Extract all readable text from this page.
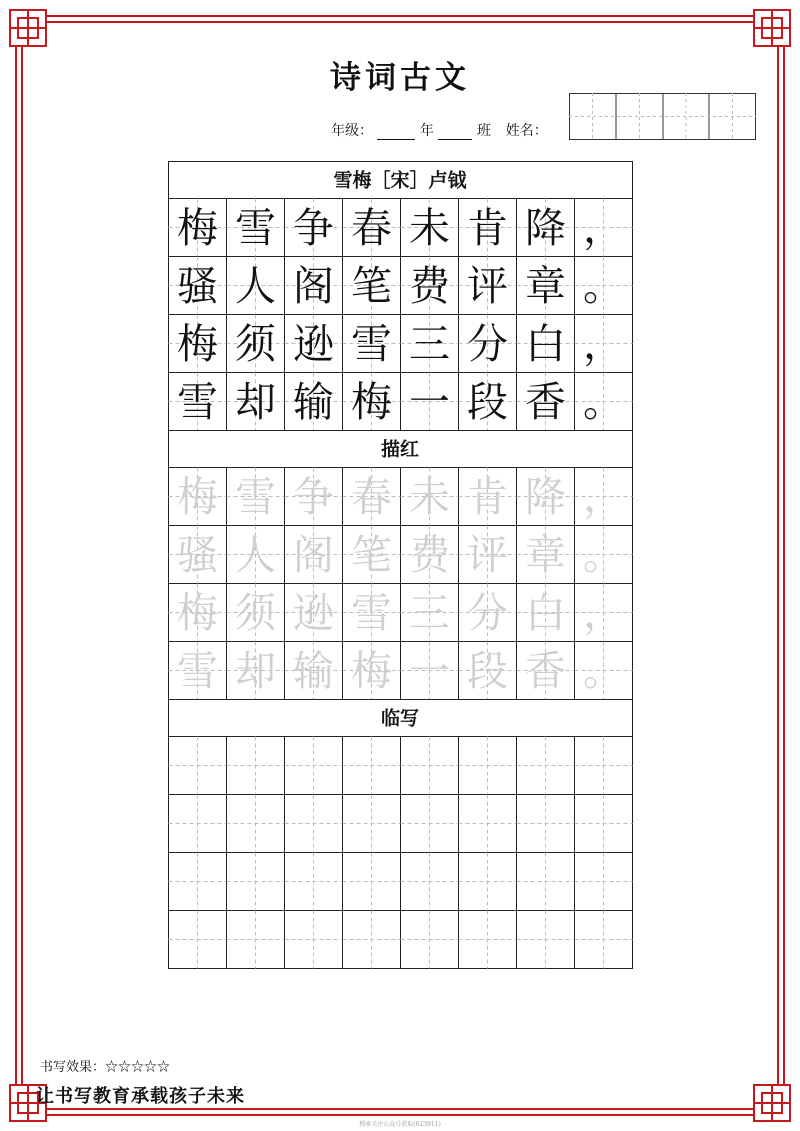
诗词古文
年级：	年	班 姓名：
雪梅［宋］卢钺
梅 雪 争 春 未 肯 降 ，
骚 人 阁 笔 费 评 章 。
梅 须 逊 雪 三 分 白 ，
雪 却 输 梅 一 段 香 。
描红
梅 雪 争 春 未 肯 降 ，
骚 人 阁 笔 费 评 章 。
梅 须 逊 雪 三 分 白 ，
雪 却 输 梅 一 段 香 。
临写
书写效果：☆☆☆☆☆
让书写教育承载孩子未来
搜索关注公众号获取(623911)
